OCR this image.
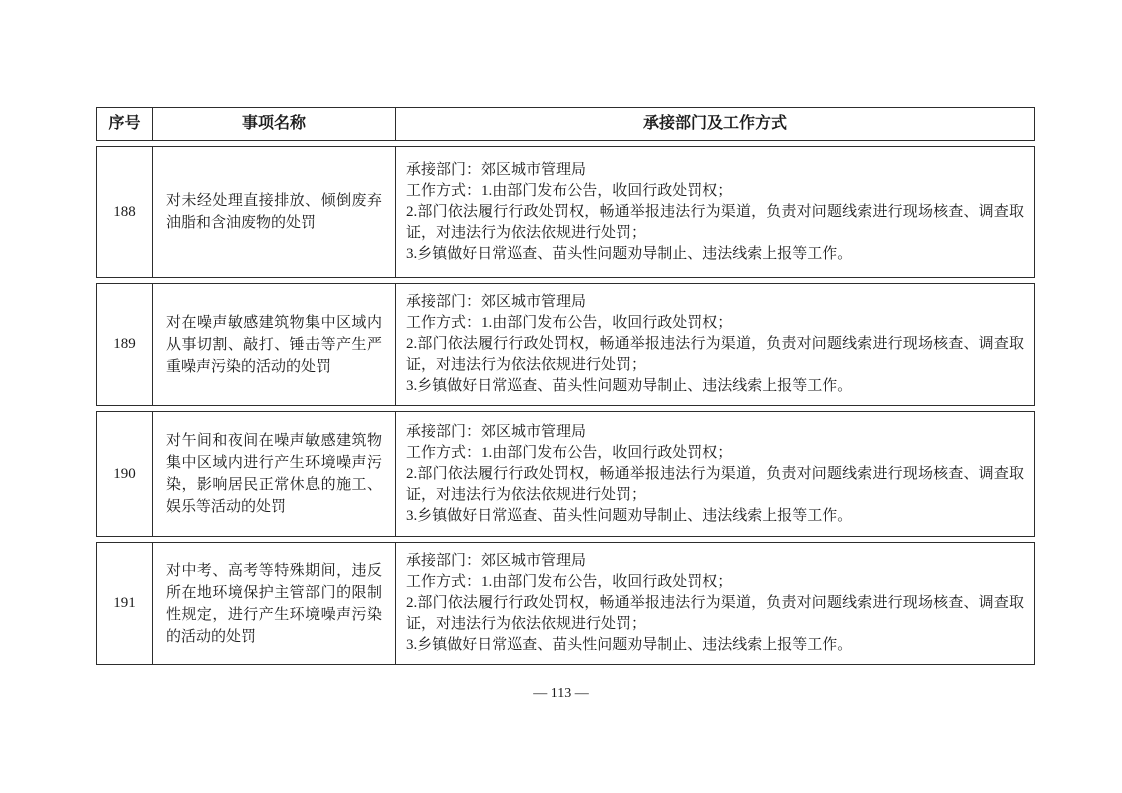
序号	事项名称	承接部门及工作方式
188
对未经处理直接排放、倾倒废弃油脂和含油废物的处罚

承接部门：郊区城市管理局

工作方式：1.由部门发布公告，收回行政处罚权；

2.部门依法履行行政处罚权，畅通举报违法行为渠道，负责对问题线索进行现场核查、调查取证，对违法行为依法依规进行处罚；

3.乡镇做好日常巡查、苗头性问题劝导制止、违法线索上报等工作。

189
对在噪声敏感建筑物集中区域内从事切割、敲打、锤击等产生严重噪声污染的活动的处罚

承接部门：郊区城市管理局

工作方式：1.由部门发布公告，收回行政处罚权；

2.部门依法履行行政处罚权，畅通举报违法行为渠道，负责对问题线索进行现场核查、调查取证，对违法行为依法依规进行处罚；

3.乡镇做好日常巡查、苗头性问题劝导制止、违法线索上报等工作。

190
对午间和夜间在噪声敏感建筑物集中区域内进行产生环境噪声污染，影响居民正常休息的施工、娱乐等活动的处罚

承接部门：郊区城市管理局

工作方式：1.由部门发布公告，收回行政处罚权；

2.部门依法履行行政处罚权，畅通举报违法行为渠道，负责对问题线索进行现场核查、调查取证，对违法行为依法依规进行处罚；

3.乡镇做好日常巡查、苗头性问题劝导制止、违法线索上报等工作。

191
对中考、高考等特殊期间，违反所在地环境保护主管部门的限制性规定，进行产生环境噪声污染的活动的处罚

承接部门：郊区城市管理局

工作方式：1.由部门发布公告，收回行政处罚权；

2.部门依法履行行政处罚权，畅通举报违法行为渠道，负责对问题线索进行现场核查、调查取证，对违法行为依法依规进行处罚；

3.乡镇做好日常巡查、苗头性问题劝导制止、违法线索上报等工作。

— 113 —
